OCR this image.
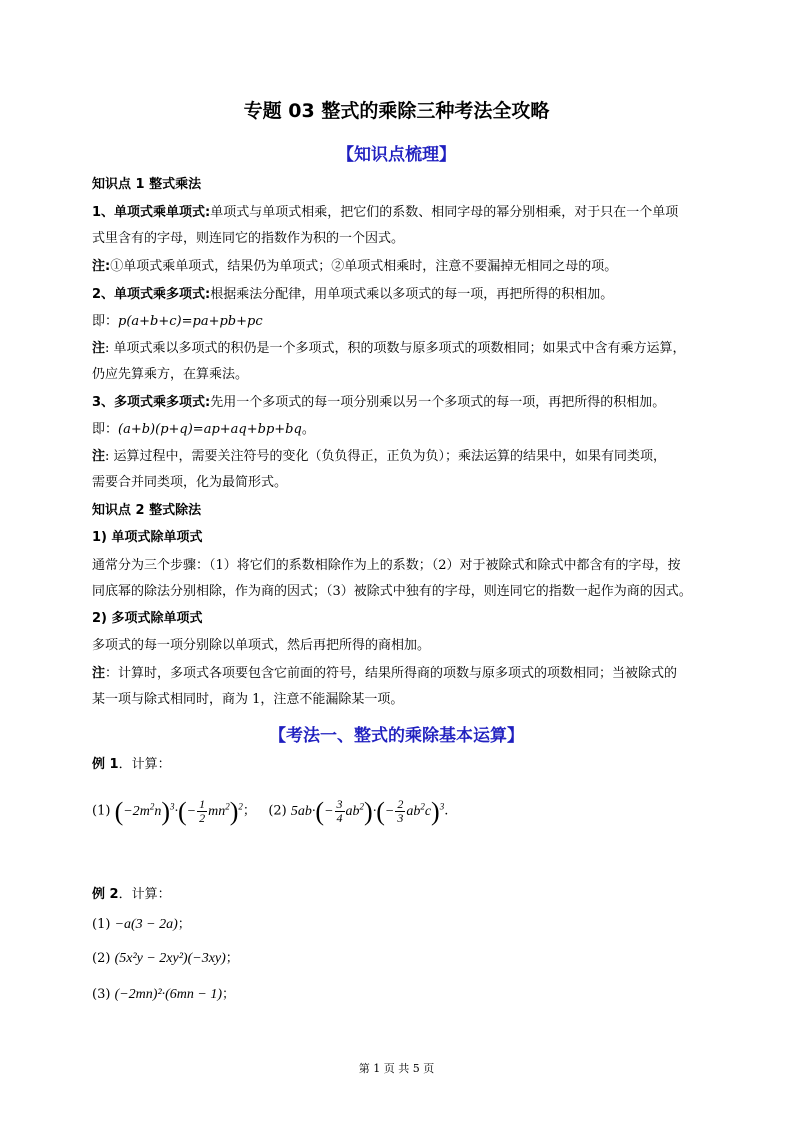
专题 03 整式的乘除三种考法全攻略
【知识点梳理】
知识点 1 整式乘法
1、单项式乘单项式:单项式与单项式相乘，把它们的系数、相同字母的幂分别相乘，对于只在一个单项
式里含有的字母，则连同它的指数作为积的一个因式。
注:①单项式乘单项式，结果仍为单项式；②单项式相乘时，注意不要漏掉无相同之母的项。
2、单项式乘多项式:根据乘法分配律，用单项式乘以多项式的每一项，再把所得的积相加。
即：p(a+b+c)=pa+pb+pc
注: 单项式乘以多项式的积仍是一个多项式，积的项数与原多项式的项数相同；如果式中含有乘方运算，
仍应先算乘方，在算乘法。
3、多项式乘多项式:先用一个多项式的每一项分别乘以另一个多项式的每一项，再把所得的积相加。
即：(a+b)(p+q)=ap+aq+bp+bq。
注: 运算过程中，需要关注符号的变化（负负得正，正负为负）；乘法运算的结果中，如果有同类项，
需要合并同类项，化为最简形式。
知识点 2 整式除法
1) 单项式除单项式
通常分为三个步骤：（1）将它们的系数相除作为上的系数；（2）对于被除式和除式中都含有的字母，按
同底幂的除法分别相除，作为商的因式；（3）被除式中独有的字母，则连同它的指数一起作为商的因式。
2) 多项式除单项式
多项式的每一项分别除以单项式，然后再把所得的商相加。
注：计算时，多项式各项要包含它前面的符号，结果所得商的项数与原多项式的项数相同；当被除式的
某一项与除式相同时，商为 1，注意不能漏除某一项。
【考法一、整式的乘除基本运算】
例 1．计算：
(1) $(-2m^2n)^3\cdot(- \frac{1}{2} mn^2)^2$； (2) $5ab\cdot(- \frac{3}{4} ab^2)\cdot(- \frac{2}{3} ab^2c)^3$.
例 2．计算：
(1) −a(3 − 2a)；
(2) (5x²y − 2xy²)(−3xy)；
(3) (−2mn)²·(6mn − 1)；
第 1 页 共 5 页
